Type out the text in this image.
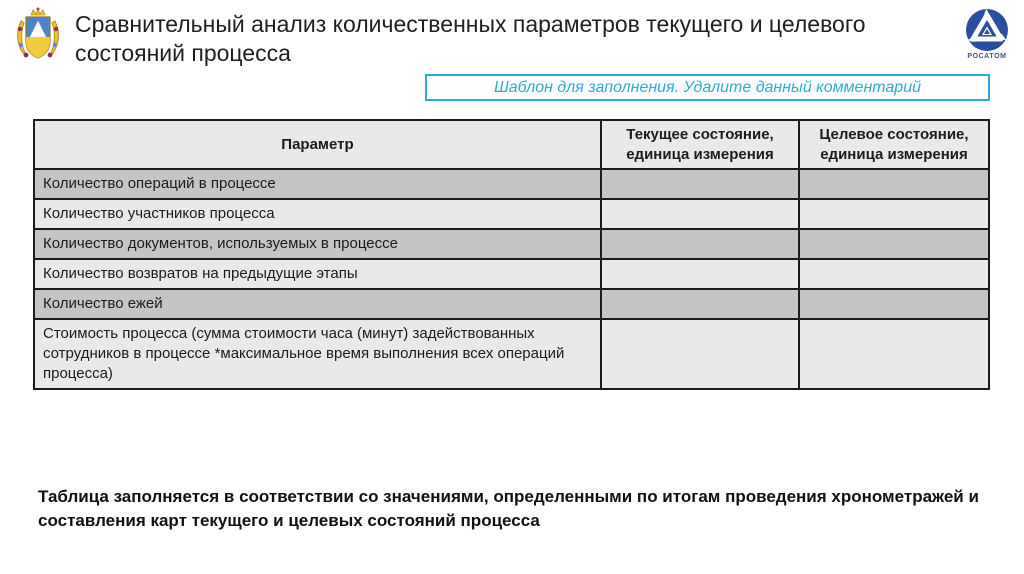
Сравнительный анализ количественных параметров текущего и целевого состояний процесса	РОСАТОМ
Шаблон для заполнения. Удалите данный комментарий
Параметр	Текущее состояние, единица измерения	Целевое состояние, единица измерения
Количество операций в процессе		
Количество участников процесса		
Количество документов, используемых в процессе		
Количество возвратов на предыдущие этапы		
Количество ежей		
Стоимость процесса (сумма стоимости часа (минут) задействованных сотрудников в процессе *максимальное время выполнения всех операций процесса)		
Таблица заполняется в соответствии со значениями, определенными по итогам проведения хронометражей и составления карт текущего и целевых состояний процесса
